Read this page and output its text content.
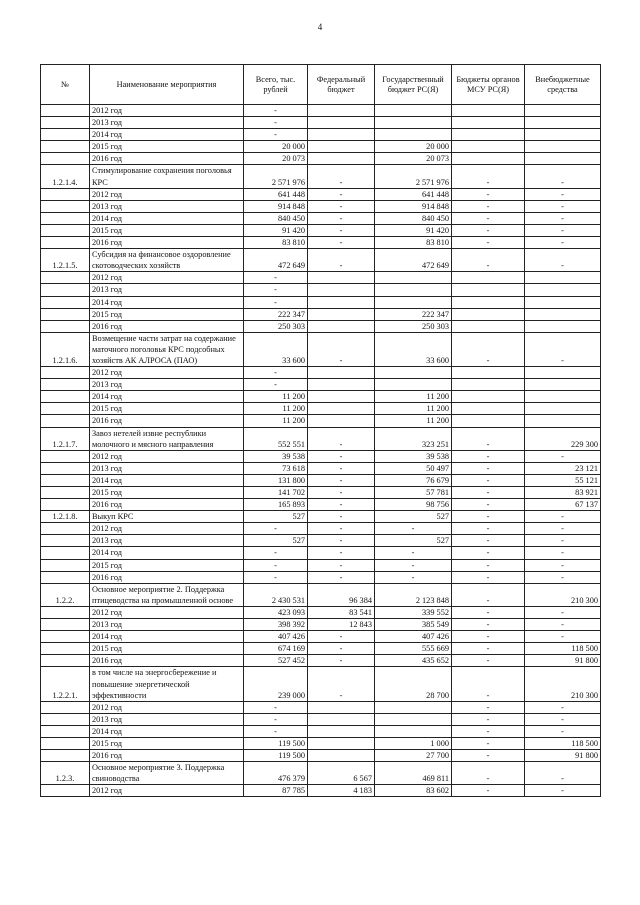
4
№	Наименование мероприятия	Всего, тыс. рублей	Федеральный бюджет	Государственный бюджет РС(Я)	Бюджеты органов МСУ РС(Я)	Внебюджетные средства
	2012 год	-				
	2013 год	-				
	2014 год	-				
	2015 год	20 000		20 000		
	2016 год	20 073		20 073		
1.2.1.4.	Стимулирование сохранения поголовья КРС	2 571 976	-	2 571 976	-	-
	2012 год	641 448	-	641 448	-	-
	2013 год	914 848	-	914 848	-	-
	2014 год	840 450	-	840 450	-	-
	2015 год	91 420	-	91 420	-	-
	2016 год	83 810	-	83 810	-	-
1.2.1.5.	Субсидия на финансовое оздоровление скотоводческих хозяйств	472 649	-	472 649	-	-
	2012 год	-				
	2013 год	-				
	2014 год	-				
	2015 год	222 347		222 347		
	2016 год	250 303		250 303		
1.2.1.6.	Возмещение части затрат на содержание маточного поголовья КРС подсобных хозяйств АК АЛРОСА (ПАО)	33 600	-	33 600	-	-
	2012 год	-				
	2013 год	-				
	2014 год	11 200		11 200		
	2015 год	11 200		11 200		
	2016 год	11 200		11 200		
1.2.1.7.	Завоз нетелей извне республики молочного и мясного направления	552 551	-	323 251	-	229 300
	2012 год	39 538	-	39 538	-	-
	2013 год	73 618	-	50 497	-	23 121
	2014 год	131 800	-	76 679	-	55 121
	2015 год	141 702	-	57 781	-	83 921
	2016 год	165 893	-	98 756	-	67 137
1.2.1.8.	Выкуп КРС	527	-	527	-	-
	2012 год	-	-	-	-	-
	2013 год	527	-	527	-	-
	2014 год	-	-	-	-	-
	2015 год	-	-	-	-	-
	2016 год	-	-	-	-	-
1.2.2.	Основное мероприятие 2. Поддержка птицеводства на промышленной основе	2 430 531	96 384	2 123 848	-	210 300
	2012 год	423 093	83 541	339 552	-	-
	2013 год	398 392	12 843	385 549	-	-
	2014 год	407 426	-	407 426	-	-
	2015 год	674 169	-	555 669	-	118 500
	2016 год	527 452	-	435 652	-	91 800
1.2.2.1.	в том числе на энергосбережение и повышение энергетической эффективности	239 000	-	28 700	-	210 300
	2012 год	-			-	-
	2013 год	-			-	-
	2014 год	-			-	-
	2015 год	119 500		1 000	-	118 500
	2016 год	119 500		27 700	-	91 800
1.2.3.	Основное мероприятие 3. Поддержка свиноводства	476 379	6 567	469 811	-	-
	2012 год	87 785	4 183	83 602	-	-
